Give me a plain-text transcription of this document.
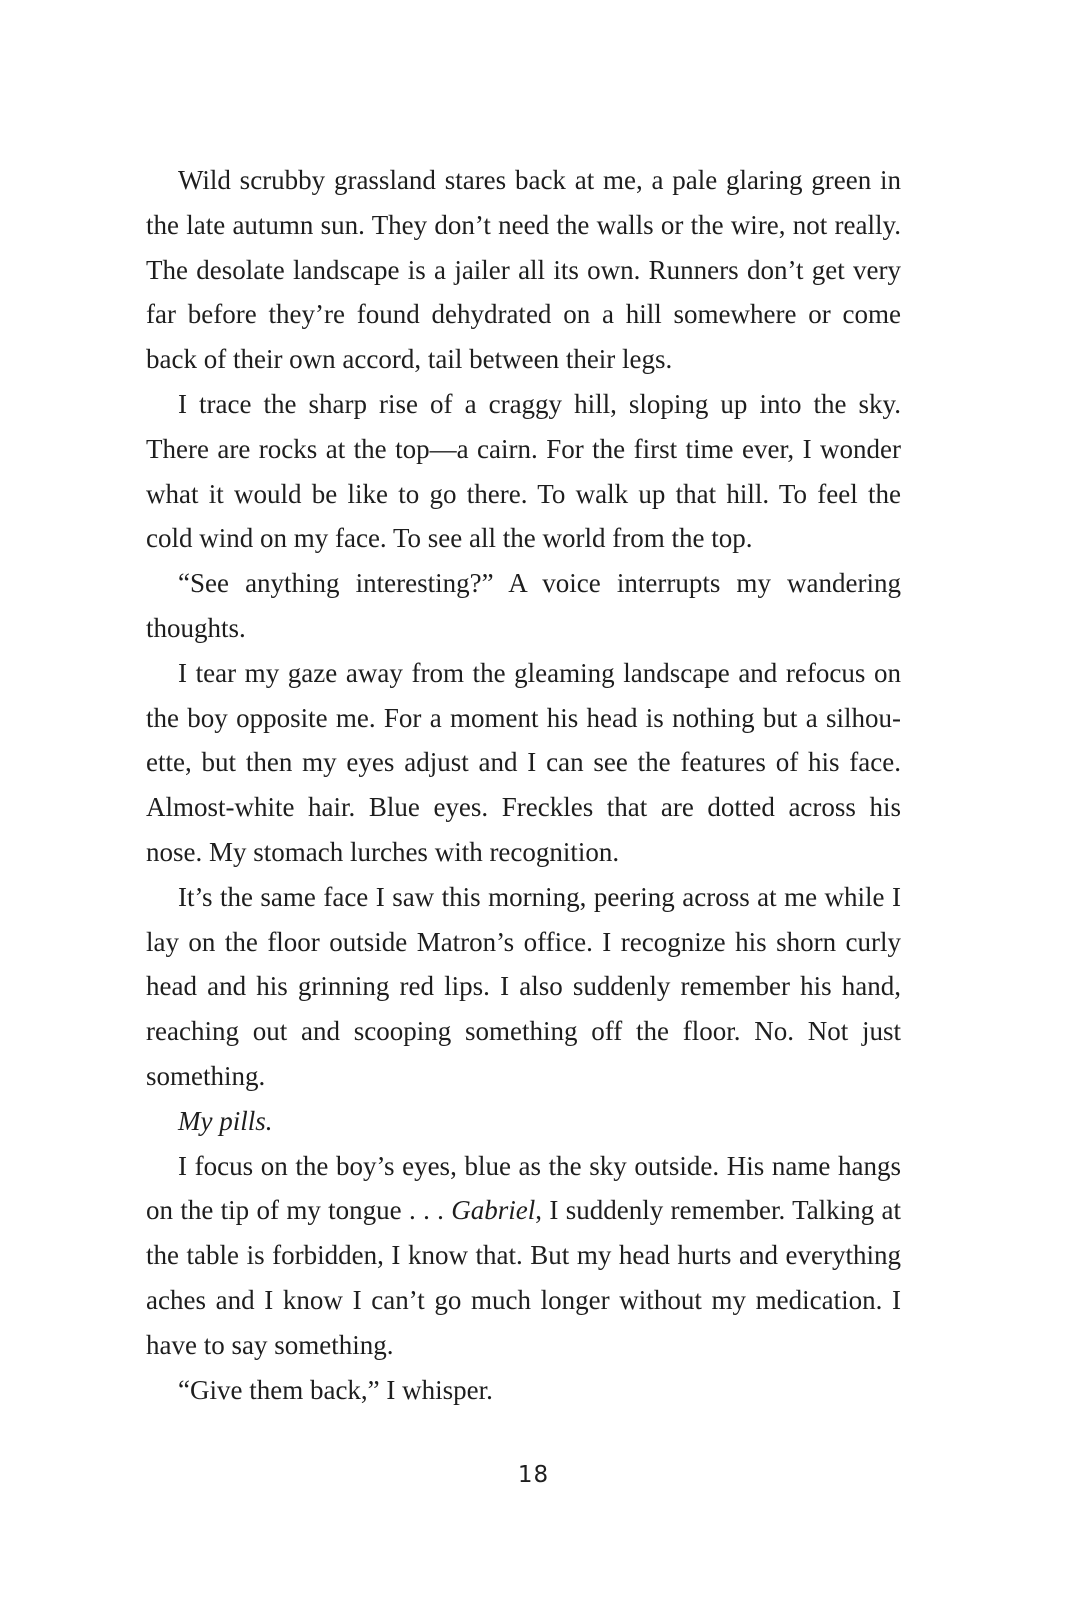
Wild scrubby grassland stares back at me, a pale glaring green in the late autumn sun. They don’t need the walls or the wire, not really. The desolate landscape is a jailer all its own. Runners don’t get very far before they’re found dehydrated on a hill somewhere or come back of their own accord, tail between their legs.

I trace the sharp rise of a craggy hill, sloping up into the sky. There are rocks at the top—a cairn. For the first time ever, I wonder what it would be like to go there. To walk up that hill. To feel the cold wind on my face. To see all the world from the top.

“See anything interesting?” A voice interrupts my wandering thoughts.

I tear my gaze away from the gleaming landscape and refocus on the boy opposite me. For a moment his head is nothing but a silhouette, but then my eyes adjust and I can see the features of his face. Almost-white hair. Blue eyes. Freckles that are dotted across his nose. My stomach lurches with recognition.

It’s the same face I saw this morning, peering across at me while I lay on the floor outside Matron’s office. I recognize his shorn curly head and his grinning red lips. I also suddenly remember his hand, reaching out and scooping something off the floor. No. Not just something.

My pills.

I focus on the boy’s eyes, blue as the sky outside. His name hangs on the tip of my tongue . . . Gabriel, I suddenly remember. Talking at the table is forbidden, I know that. But my head hurts and everything aches and I know I can’t go much longer without my medication. I have to say something.

“Give them back,” I whisper.

18
